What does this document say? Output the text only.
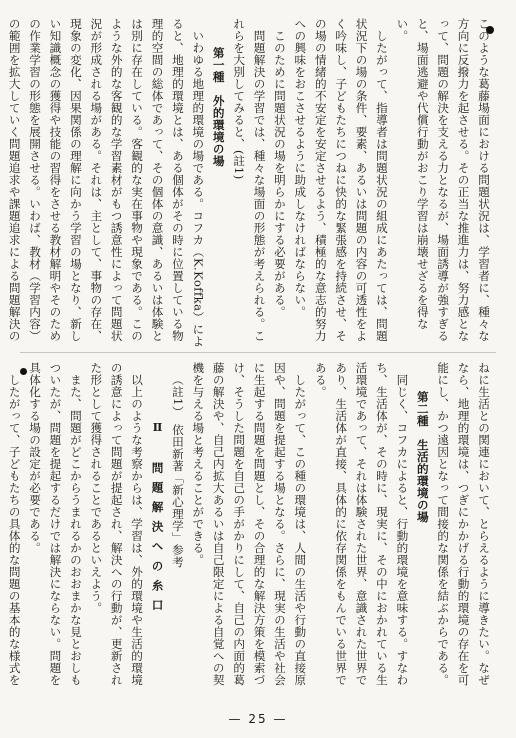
このような葛藤場面における問題状況は、学習者に、種々な方向に反撥力を起させる。その正当な推進力は、努力感となって、問題の解決を支える力となるが、場面誘導が強すぎると、場面逃避や代償行動がおこり学習は崩壊せざるを得ない。

したがって、指導者は問題状況の組成にあたっては、問題状況下の場の条件、要素、あるいは問題の内容の可透性をよく吟味し、子どもたちにつねに快的な緊張感を持続させ、その場の情緒的不安定を安定させるよう、積極的な意志的努力への興味をおこさせるように助成しなければならない。

このために問題状況の場を明らかにする必要がある。

問題解決の学習では、種々な場面の形態が考えられる。これらを大別してみると、(註1)

第一種　外的環境の場

いわゆる地理的環境の場である。コフカ（K.Koffka）によると、地理的環境とは、ある個体がその時に位置している物理的空間の総体であって、その個体の意識、あるいは体験とは別に存在している。客観的な実在事物や現象である。このような外的な客観的な学習素材がもつ誘意性によって問題状況が形成される場がある。それは、主として、事物の存在、現象の変化、因果関係の理解に向かう学習の場となり、新しい知識概念の獲得や技能の習得をさせる教材解明やそのための作業学習の形態を展開させる。いわば、教材（学習内容）の範囲を拡大していく問題追求や課題追求による問題解決の

ねに生活との関連において、とらえるように導きたい。なぜなら、地理的環境は、つぎにかかげる行動的環境の存在を可能にし、かつ遠因となって間接的な関係を結ぶからである。

第二種　生活的環境の場

同じく、コフカによると、行動的環境を意味する。すなわち、生活体が、その時に、現実に、その中におかれている生活環境であって、それは体験された世界、意識された世界であり、生活体が直接、具体的に依存関係をもんでいる世界である。

したがって、この種の環境は、人間の生活や行動の直接原因や、問題を提起する場となる。さらに、現実の生活や社会に生起する問題を問題とし、その合理的な解決方策を模索づけ、そうした問題を自己の手がかりにして、自己の内面的葛藤の解決や、自己内拡大あるいは自己限定による自覚への契機を与える場と考えることができる。

（註1）　依田新著「新心理学」参考
Ⅱ　問題解決への糸口

以上のような考察からは、学習は、外的環境や生活的環境の誘意によって問題が提起され、解決への行動が、更新された形として獲得されることであるといえよう。

また、問題がどこからうまれるかのおおまかな見とおしもついたが、問題を提起するだけでは解決にならない。問題を具体化する場の設定が必要である。

したがって、子どもたちの具体的な問題の基本的な様式を

— 25 —
